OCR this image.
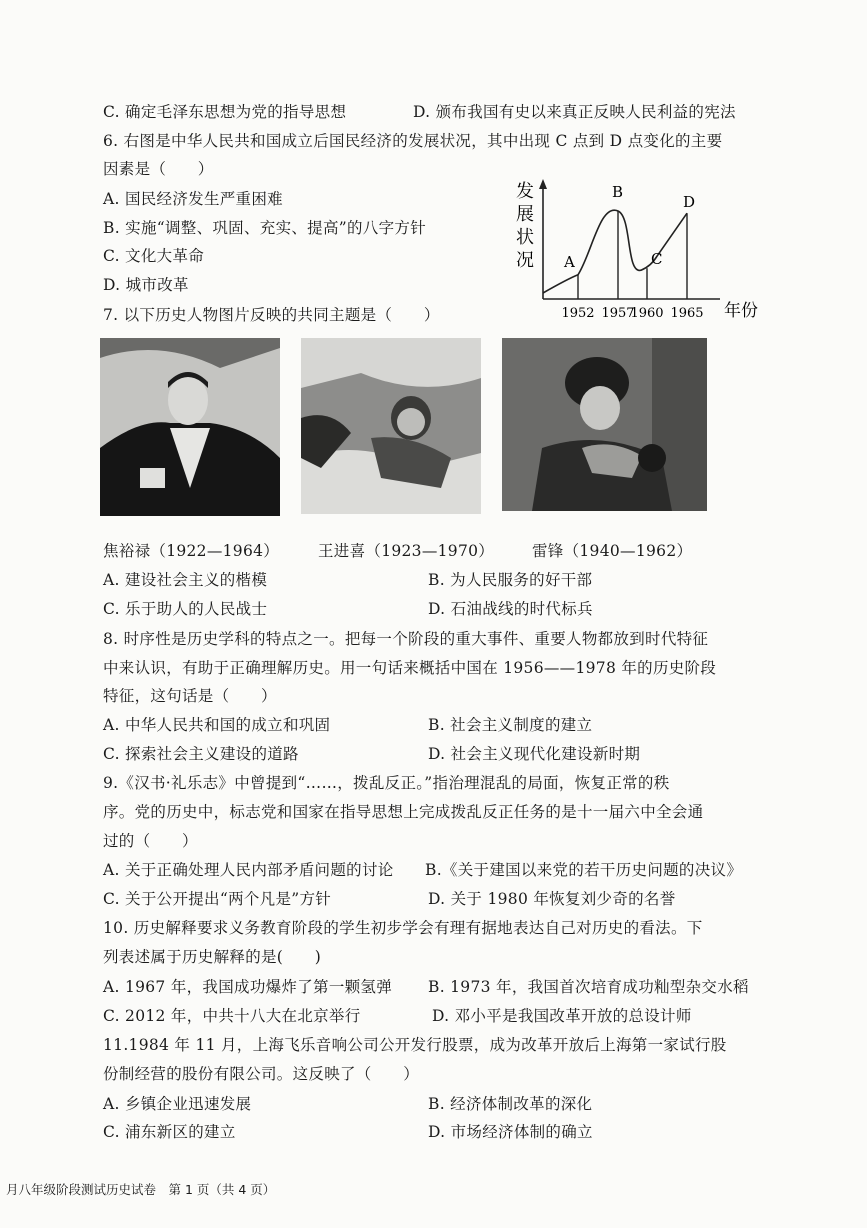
C. 确定毛泽东思想为党的指导思想	D. 颁布我国有史以来真正反映人民利益的宪法
6. 右图是中华人民共和国成立后国民经济的发展状况，其中出现 C 点到 D 点变化的主要
因素是（　　）
A. 国民经济发生严重困难
B. 实施“调整、巩固、充实、提高”的八字方针
C. 文化大革命
D. 城市改革
发
展
状
况 A
B
C
D
1952 1957
1960 1965 年份
7. 以下历史人物图片反映的共同主题是（　　）
焦裕禄（1922—1964）	王进喜（1923—1970） 雷锋（1940—1962）
A. 建设社会主义的楷模	B. 为人民服务的好干部
C. 乐于助人的人民战士	D. 石油战线的时代标兵
8. 时序性是历史学科的特点之一。把每一个阶段的重大事件、重要人物都放到时代特征
中来认识，有助于正确理解历史。用一句话来概括中国在 1956——1978 年的历史阶段
特征，这句话是（　　）
A. 中华人民共和国的成立和巩固	B. 社会主义制度的建立
C. 探索社会主义建设的道路	D. 社会主义现代化建设新时期
9.《汉书·礼乐志》中曾提到“……，拨乱反正。”指治理混乱的局面，恢复正常的秩
序。党的历史中，标志党和国家在指导思想上完成拨乱反正任务的是十一届六中全会通
过的（　　）
A. 关于正确处理人民内部矛盾问题的讨论 B.《关于建国以来党的若干历史问题的决议》
C. 关于公开提出“两个凡是”方针	D. 关于 1980 年恢复刘少奇的名誉
10. 历史解释要求义务教育阶段的学生初步学会有理有据地表达自己对历史的看法。下
列表述属于历史解释的是(　　)
A. 1967 年，我国成功爆炸了第一颗氢弹 B. 1973 年，我国首次培育成功籼型杂交水稻
C. 2012 年，中共十八大在北京举行	D. 邓小平是我国改革开放的总设计师
11.1984 年 11 月，上海飞乐音响公司公开发行股票，成为改革开放后上海第一家试行股
份制经营的股份有限公司。这反映了（　　）
A. 乡镇企业迅速发展	B. 经济体制改革的深化
C. 浦东新区的建立	D. 市场经济体制的确立
月八年级阶段测试历史试卷　第 1 页（共 4 页）
